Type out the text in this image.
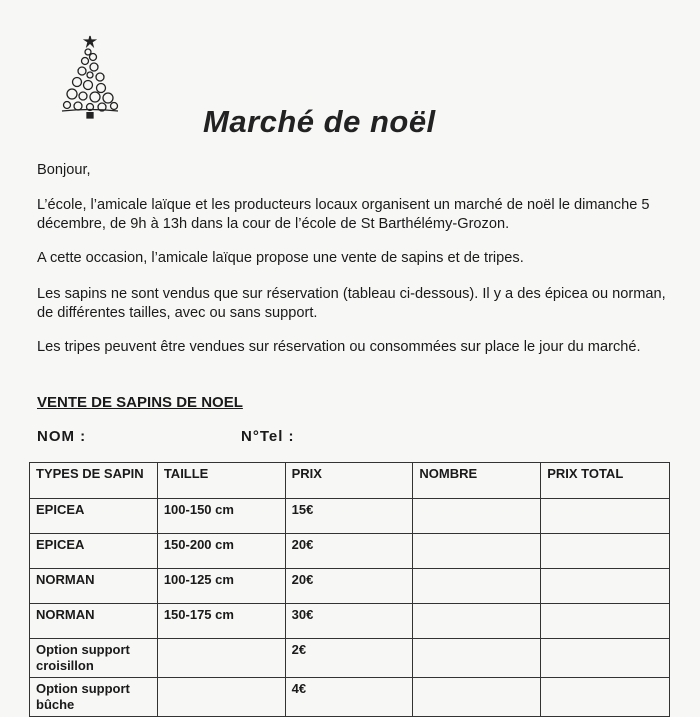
Marché de noël
Bonjour,
L’école, l’amicale laïque et les producteurs locaux organisent un marché de noël le dimanche 5 décembre, de 9h à 13h dans la cour de l’école de St Barthélémy-Grozon.
A cette occasion, l’amicale laïque propose une vente de sapins et de tripes.
Les sapins ne sont vendus que sur réservation (tableau ci-dessous). Il y a des épicea ou norman, de différentes tailles, avec ou sans support.
Les tripes peuvent être vendues sur réservation ou consommées sur place le jour du marché.
VENTE DE SAPINS DE NOEL
NOM :	N°Tel :
TYPES DE SAPIN	TAILLE	PRIX	NOMBRE	PRIX TOTAL
EPICEA	100-150 cm	15€		
EPICEA	150-200 cm	20€		
NORMAN	100-125 cm	20€		
NORMAN	150-175 cm	30€		
Option support croisillon		2€		
Option support bûche		4€		
